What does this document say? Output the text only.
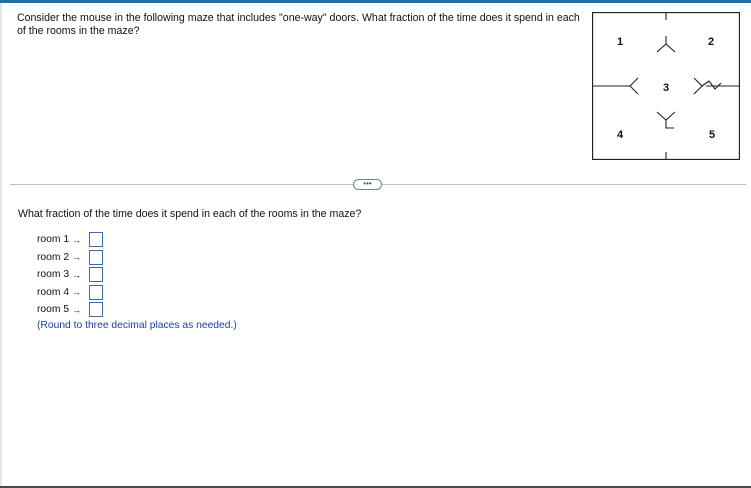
Consider the mouse in the following maze that includes "one-way" doors. What fraction of the time does it spend in each of the rooms in the maze?
1	2
3
4	5
•••
What fraction of the time does it spend in each of the rooms in the maze?
room 1 →
room 2 →
room 3 →
room 4 →
room 5 →
(Round to three decimal places as needed.)
